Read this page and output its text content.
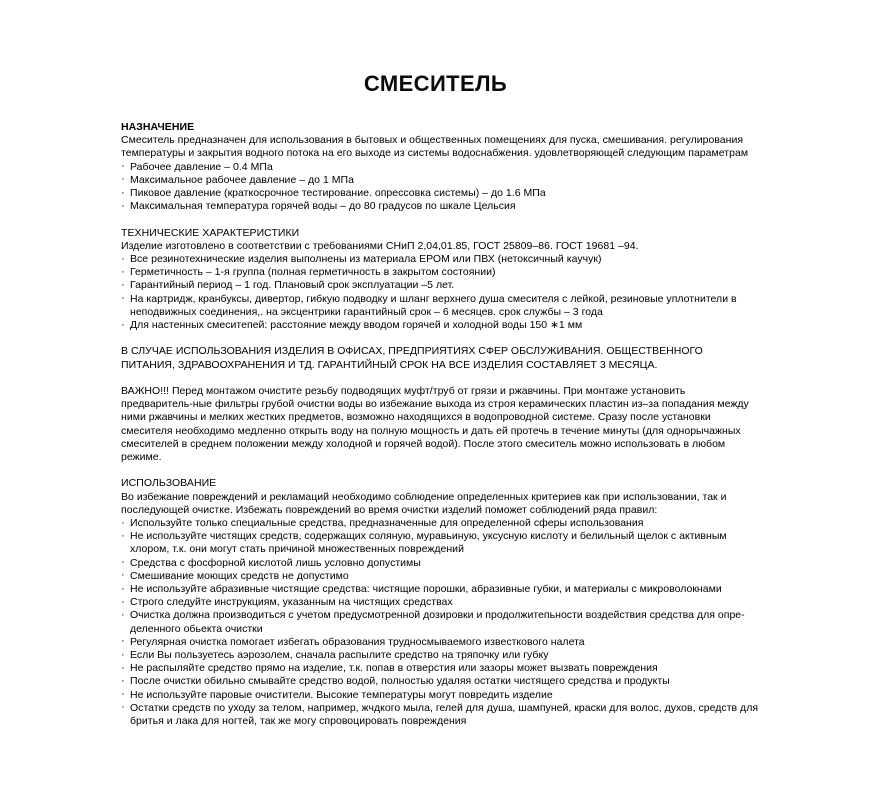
СМЕСИТЕЛЬ

НАЗНАЧЕНИЕ

Смеситель предназначен для использования в бытовых и общественных помещениях для пуска, смешивания. регулирования температуры и закрытия водного потока на его выходе из системы водоснабжения. удовлетворяющей следующим параметрам

· Рабочее давление – 0.4 МПа
· Максимальное рабочее давление – до 1 МПа
· Пиковое давление (краткосрочное тестирование. опрессовка системы) – до 1.6 МПа
· Максимальная температура горячей воды – до 80 градусов по шкале Цельсия

ТЕХНИЧЕСКИЕ ХАРАКТЕРИСТИКИ

Изделие изготовлено в соответствии с требованиями СНиП 2,04,01.85, ГОСТ 25809–86. ГОСТ 19681 –94.

· Все резинотехнические изделия выполнены из материала ЕРОМ или ПВХ (нетоксичный каучук)
· Герметичность – 1-я группа (полная герметичность в закрытом состоянии)
· Гарантийный период – 1 год. Плановый срок эксплуатации –5 лет.
· На картридж, кранбуксы, дивертор, гибкую подводку и шланг верхнего душа смесителя с лейкой, резиновые уплотнители в неподвижных соединения,. на эксцентрики гарантийный срок – 6 месяцев. срок службы – 3 года
· Для настенных смеситепей: расстояние между вводом горячей и холодной воды 150 ∗1 мм

В СЛУЧАЕ ИСПОЛЬЗОВАНИЯ ИЗДЕЛИЯ В ОФИСАХ, ПРЕДПРИЯТИЯХ СФЕР ОБСЛУЖИВАНИЯ. ОБЩЕСТВЕННОГО ПИТАНИЯ, ЗДРАВООХРАНЕНИЯ И ТД. ГАРАНТИЙНЫЙ СРОК НА ВСЕ ИЗДЕЛИЯ СОСТАВЛЯЕТ 3 МЕСЯЦА.

ВАЖНО!!! Перед монтажом очистите резьбу подводящих муфт/труб от грязи и ржавчины. При монтаже установить предваритель-ные фильтры грубой очистки воды во избежание выхода из строя керамических пластин из–за попадания между ними ржавчины и мелких жестких предметов, возможно находящихся в водопроводной системе. Сразу после установки смесителя необходимо медленно открыть воду на полную мощность и дать ей протечь в течение минуты (для однорычажных смесителей в среднем положении между холодной и горячей водой). После этого смеситель можно использовать в любом режиме.

ИСПОЛЬЗОВАНИЕ

Во избежание повреждений и рекламаций необходимо соблюдение определенных критериев как при использовании, так и последующей очистке. Избежать повреждений во время очистки изделий поможет соблюдений ряда правил:

· Используйте только специальные средства, предназначенные для определенной сферы использования
· Не используйте чистящих средств, содержащих соляную, муравьиную, уксусную кислоту и белильный щелок с активным хлором, т.к. они могут стать причиной множественных повреждений
· Средства с фосфорной кислотой лишь условно допустимы
· Смешивание моющих средств не допустимо
· Не используйте абразивные чистящие средства: чистящие порошки, абразивные губки, и материалы с микроволокнами
· Строго следуйте инструкциям, указанным на чистящих средствах
· Очистка должна производиться с учетом предусмотренной дозировки и продолжитепьности воздействия средства для опре-деленного обьекта очистки
· Регулярная очистка помогает избегать образования трудносмываемого известкового налета
· Если Вы пользуетесь аэрозолем, сначала распылите средство на тряпочку или губку
· Не распыляйте средство прямо на изделие, т.к. попав в отверстия или зазоры может вызвать повреждения
· После очистки обильно смывайте средство водой, полностью удаляя остатки чистящего средства и продукты
· Не используйте паровые очистители. Высокие температуры могут повредить изделие
· Остатки средств по уходу за телом, например, жчдкого мыла, гелей для душа, шампуней, краски для волос, духов, средств для бритья и лака для ногтей, так же могу спровоцировать повреждения
